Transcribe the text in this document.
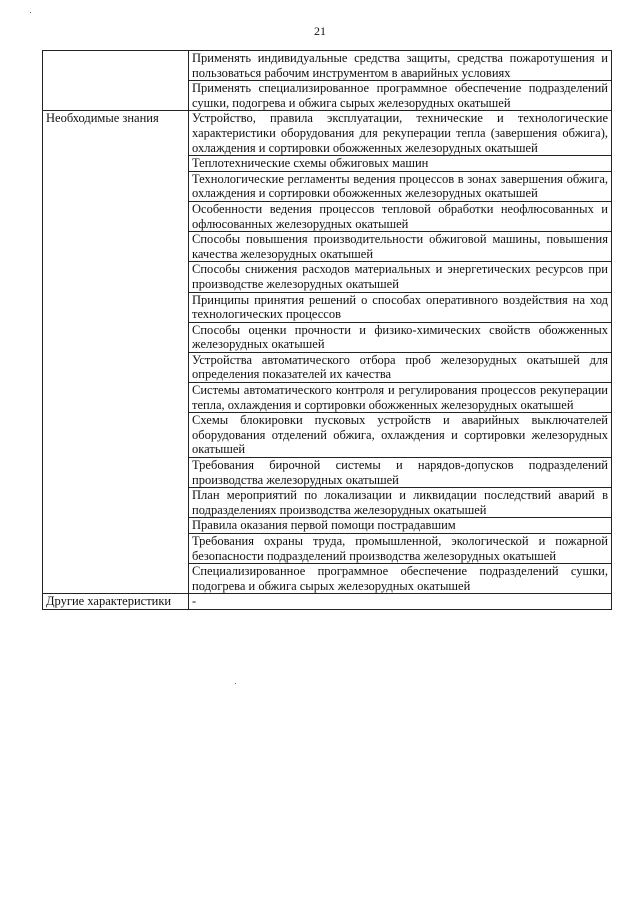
21
	Применять индивидуальные средства защиты, средства пожаротушения и пользоваться рабочим инструментом в аварийных условиях
	Применять специализированное программное обеспечение подразделений сушки, подогрева и обжига сырых железорудных окатышей
Необходимые знания	Устройство, правила эксплуатации, технические и технологические характеристики оборудования для рекуперации тепла (завершения обжига), охлаждения и сортировки обожженных железорудных окатышей
	Теплотехнические схемы обжиговых машин
	Технологические регламенты ведения процессов в зонах завершения обжига, охлаждения и сортировки обожженных железорудных окатышей
	Особенности ведения процессов тепловой обработки неофлюсованных и офлюсованных железорудных окатышей
	Способы повышения производительности обжиговой машины, повышения качества железорудных окатышей
	Способы снижения расходов материальных и энергетических ресурсов при производстве железорудных окатышей
	Принципы принятия решений о способах оперативного воздействия на ход технологических процессов
	Способы оценки прочности и физико-химических свойств обожженных железорудных окатышей
	Устройства автоматического отбора проб железорудных окатышей для определения показателей их качества
	Системы автоматического контроля и регулирования процессов рекуперации тепла, охлаждения и сортировки обожженных железорудных окатышей
	Схемы блокировки пусковых устройств и аварийных выключателей оборудования отделений обжига, охлаждения и сортировки железорудных окатышей
	Требования бирочной системы и нарядов-допусков подразделений производства железорудных окатышей
	План мероприятий по локализации и ликвидации последствий аварий в подразделениях производства железорудных окатышей
	Правила оказания первой помощи пострадавшим
	Требования охраны труда, промышленной, экологической и пожарной безопасности подразделений производства железорудных окатышей
	Специализированное программное обеспечение подразделений сушки, подогрева и обжига сырых железорудных окатышей
Другие характеристики	-
